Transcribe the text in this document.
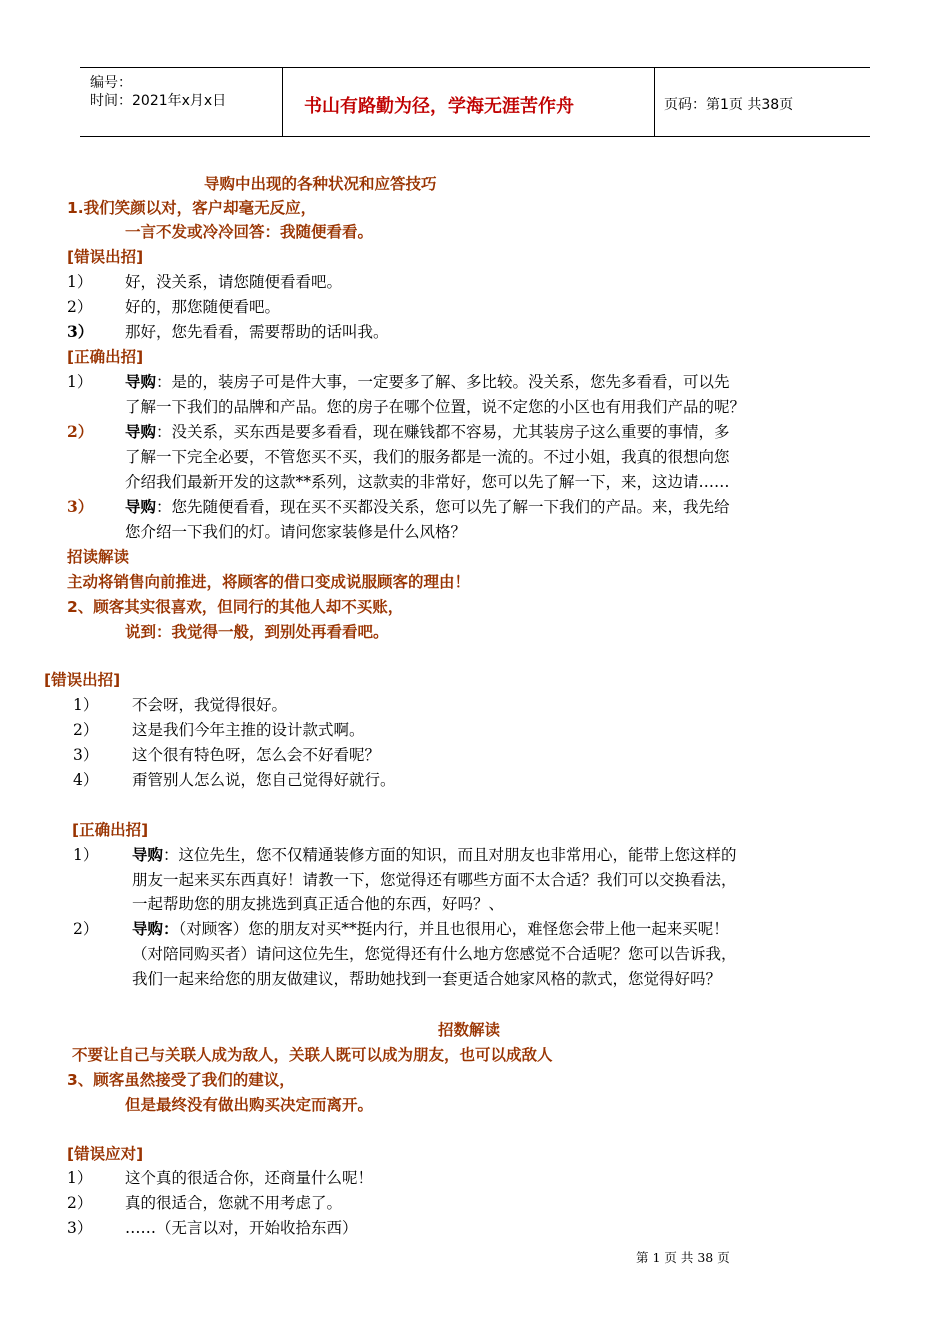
编号：
时间：2021年x月x日	书山有路勤为径，学海无涯苦作舟	页码：第1页 共38页
导购中出现的各种状况和应答技巧
1.我们笑颜以对，客户却毫无反应，
一言不发或冷冷回答：我随便看看。
[错误出招]
1） 好，没关系，请您随便看看吧。
2） 好的，那您随便看吧。
3） 那好，您先看看，需要帮助的话叫我。
[正确出招]
1） 导购：是的，装房子可是件大事，一定要多了解、多比较。没关系，您先多看看，可以先
了解一下我们的品牌和产品。您的房子在哪个位置，说不定您的小区也有用我们产品的呢？
2） 导购：没关系，买东西是要多看看，现在赚钱都不容易，尤其装房子这么重要的事情，多
了解一下完全必要，不管您买不买，我们的服务都是一流的。不过小姐，我真的很想向您
介绍我们最新开发的这款**系列，这款卖的非常好，您可以先了解一下，来，这边请……
3） 导购：您先随便看看，现在买不买都没关系，您可以先了解一下我们的产品。来，我先给
您介绍一下我们的灯。请问您家装修是什么风格？
招读解读
主动将销售向前推进，将顾客的借口变成说服顾客的理由！
2、顾客其实很喜欢，但同行的其他人却不买账，
说到：我觉得一般，到别处再看看吧。
[错误出招]
1） 不会呀，我觉得很好。
2） 这是我们今年主推的设计款式啊。
3） 这个很有特色呀，怎么会不好看呢？
4） 甭管别人怎么说，您自己觉得好就行。
[正确出招]
1） 导购：这位先生，您不仅精通装修方面的知识，而且对朋友也非常用心，能带上您这样的
朋友一起来买东西真好！请教一下，您觉得还有哪些方面不太合适？我们可以交换看法，
一起帮助您的朋友挑选到真正适合他的东西，好吗？、
2） 导购：（对顾客）您的朋友对买**挺内行，并且也很用心，难怪您会带上他一起来买呢！
（对陪同购买者）请问这位先生，您觉得还有什么地方您感觉不合适呢？您可以告诉我，
我们一起来给您的朋友做建议，帮助她找到一套更适合她家风格的款式，您觉得好吗？
招数解读
不要让自己与关联人成为敌人，关联人既可以成为朋友，也可以成敌人
3、顾客虽然接受了我们的建议，
但是最终没有做出购买决定而离开。
[错误应对]
1） 这个真的很适合你，还商量什么呢！
2） 真的很适合，您就不用考虑了。
3） ……（无言以对，开始收拾东西）
第 1 页 共 38 页
